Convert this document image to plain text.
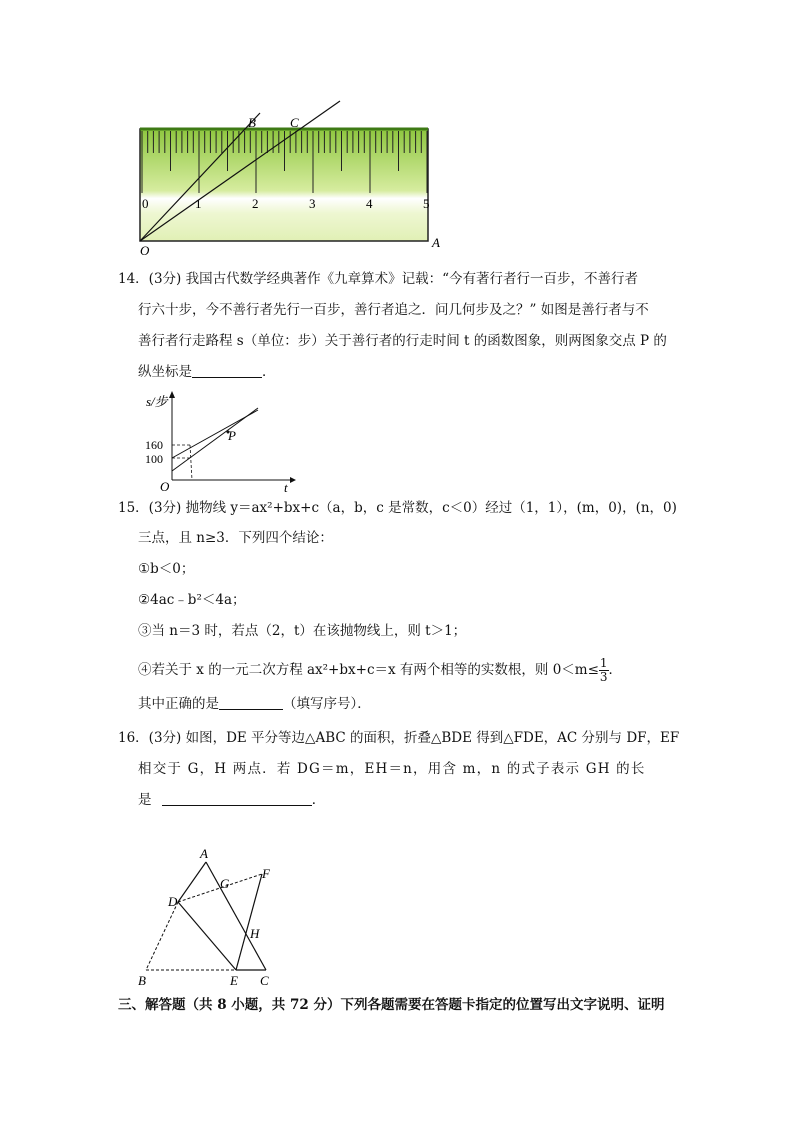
0	1	2	3	4	5
B	C
O
A
14．(3分) 我国古代数学经典著作《九章算术》记载：“今有著行者行一百步，不善行者
行六十步，今不善行者先行一百步，善行者追之．问几何步及之？” 如图是善行者与不
善行者行走路程 s（单位：步）关于善行者的行走时间 t 的函数图象，则两图象交点 P 的
纵坐标是	．
s/步
t
O
160
100
P
15．(3分) 抛物线 y＝ax²+bx+c（a，b，c 是常数，c＜0）经过（1，1），(m，0)，(n，0)
三点，且 n≥3．下列四个结论：
①b＜0；
②4ac﹣b²＜4a；
③当 n＝3 时，若点（2，t）在该抛物线上，则 t＞1；
④若关于 x 的一元二次方程 ax²+bx+c＝x 有两个相等的实数根，则 $0<m\le \frac{1}{3}$ ．
其中正确的是	（填写序号）．
16．(3分) 如图，DE 平分等边△ABC 的面积，折叠△BDE 得到△FDE，AC 分别与 DF，EF
相交于 G，H 两点．若 DG＝m，EH＝n，用含 m，n 的式子表示 GH 的长
是	．
A
B	C
D
E
F
G
H
三、解答题（共 8 小题，共 72 分）下列各题需要在答题卡指定的位置写出文字说明、证明
